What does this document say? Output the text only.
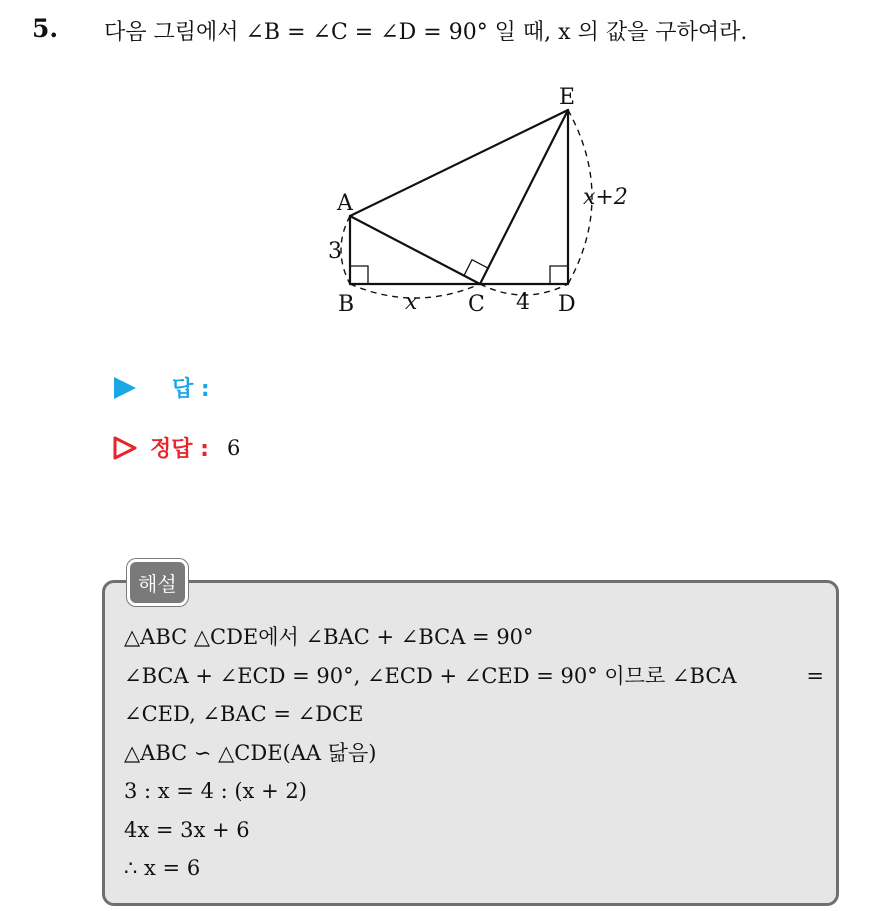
5. 다음 그림에서 ∠B = ∠C = ∠D = 90° 일 때, x 의 값을 구하여라.
A
B	C	D
E
3
x	4
x+2
답 :
정답 : 6
해설
△ABC △CDE에서 ∠BAC + ∠BCA = 90°
∠BCA + ∠ECD = 90°, ∠ECD + ∠CED = 90° 이므로 ∠BCA	=
∠CED, ∠BAC = ∠DCE
△ABC ∽ △CDE(AA 닮음)
3 : x = 4 : (x + 2)
4x = 3x + 6
∴ x = 6
